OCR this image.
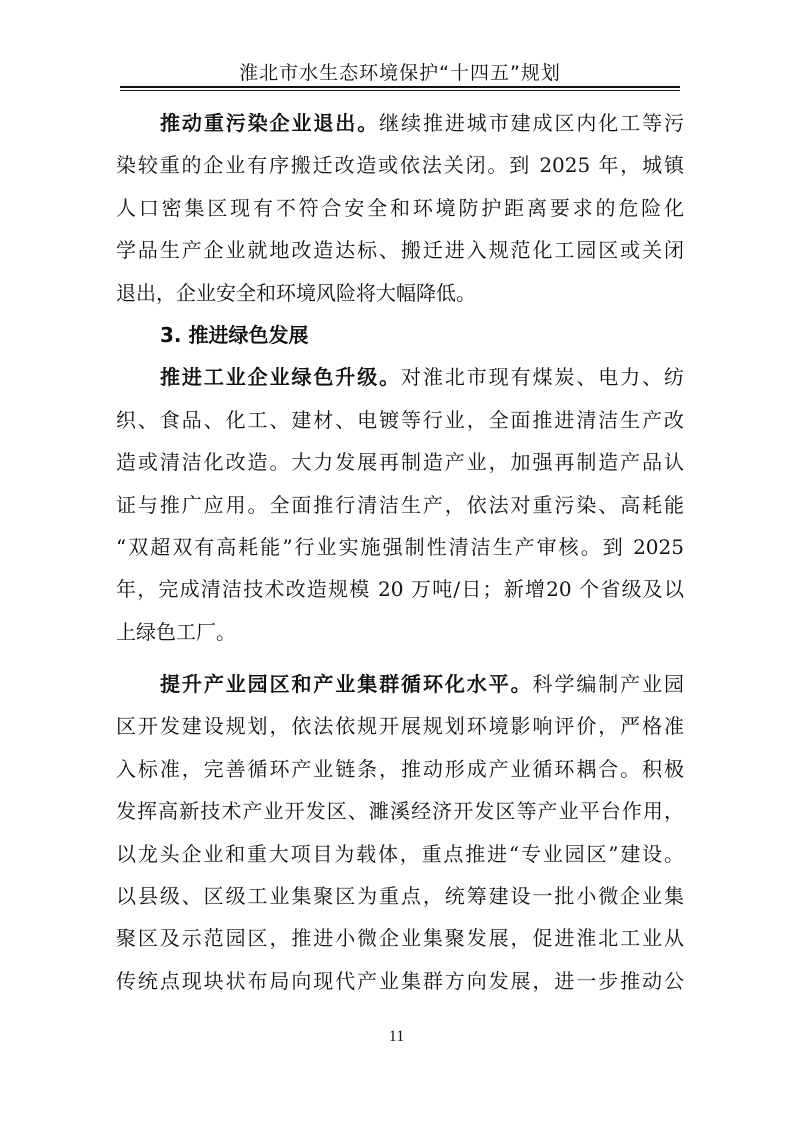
淮北市水生态环境保护“十四五”规划
推动重污染企业退出。继续推进城市建成区内化工等污
染较重的企业有序搬迁改造或依法关闭。到 2025 年，城镇
人口密集区现有不符合安全和环境防护距离要求的危险化
学品生产企业就地改造达标、搬迁进入规范化工园区或关闭
退出，企业安全和环境风险将大幅降低。
3. 推进绿色发展
推进工业企业绿色升级。对淮北市现有煤炭、电力、纺
织、食品、化工、建材、电镀等行业，全面推进清洁生产改
造或清洁化改造。大力发展再制造产业，加强再制造产品认
证与推广应用。全面推行清洁生产，依法对重污染、高耗能
“双超双有高耗能”行业实施强制性清洁生产审核。到 2025
年，完成清洁技术改造规模 20 万吨/日；新增20 个省级及以
上绿色工厂。
提升产业园区和产业集群循环化水平。科学编制产业园
区开发建设规划，依法依规开展规划环境影响评价，严格准
入标准，完善循环产业链条，推动形成产业循环耦合。积极
发挥高新技术产业开发区、濉溪经济开发区等产业平台作用，
以龙头企业和重大项目为载体，重点推进“专业园区”建设。
以县级、区级工业集聚区为重点，统筹建设一批小微企业集
聚区及示范园区，推进小微企业集聚发展，促进淮北工业从
传统点现块状布局向现代产业集群方向发展，进一步推动公
11
